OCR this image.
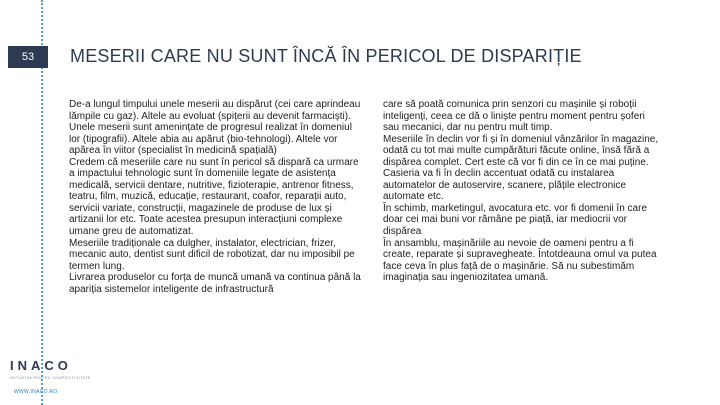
53
INACO
INIȚIATIVA PENTRU COMPETITIVITATE
WWW.INACO.RO
MESERII CARE NU SUNT ÎNCĂ ÎN PERICOL DE DISPARIȚIE

De-a lungul timpului unele meserii au dispărut (cei care aprindeau lămpile cu gaz). Altele au evoluat (spițerii au devenit farmaciști). Unele meserii sunt amenințate de progresul realizat în domeniul lor (tipografii). Altele abia au apărut (bio-tehnologi). Altele vor apărea în viitor (specialist în medicină spațială)

Credem că meseriile care nu sunt în pericol să dispară ca urmare a impactului tehnologic sunt în domeniile legate de asistența medicală, servicii dentare, nutritive, fizioterapie, antrenor fitness, teatru, film, muzică, educație, restaurant, coafor, reparații auto, servicii variate, construcții, magazinele de produse de lux și artizanii lor etc. Toate acestea presupun interacțiuni complexe umane greu de automatizat.

Meseriile tradiționale ca dulgher, instalator, electrician, frizer, mecanic auto, dentist sunt dificil de robotizat, dar nu imposibil pe termen lung.

Livrarea produselor cu forța de muncă umană va continua până la apariția sistemelor inteligente de infrastructură

care să poată comunica prin senzori cu mașinile și roboții inteligenți, ceea ce dă o liniște pentru moment pentru șoferi sau mecanici, dar nu pentru mult timp.

Meseriile în declin vor fi și în domeniul vânzărilor în magazine, odată cu tot mai multe cumpărături făcute online, însă fără a dispărea complet. Cert este că vor fi din ce în ce mai puține. Casieria va fi în declin accentuat odată cu instalarea automatelor de autoservire, scanere, plățile electronice automate etc.

În schimb, marketingul, avocatura etc. vor fi domenii în care doar cei mai buni vor rămâne pe piață, iar mediocrii vor dispărea

În ansamblu, mașinăriile au nevoie de oameni pentru a fi create, reparate și supravegheate. Întotdeauna omul va putea face ceva în plus față de o mașinărie. Să nu subestimăm imaginația sau ingeniozitatea umană.
